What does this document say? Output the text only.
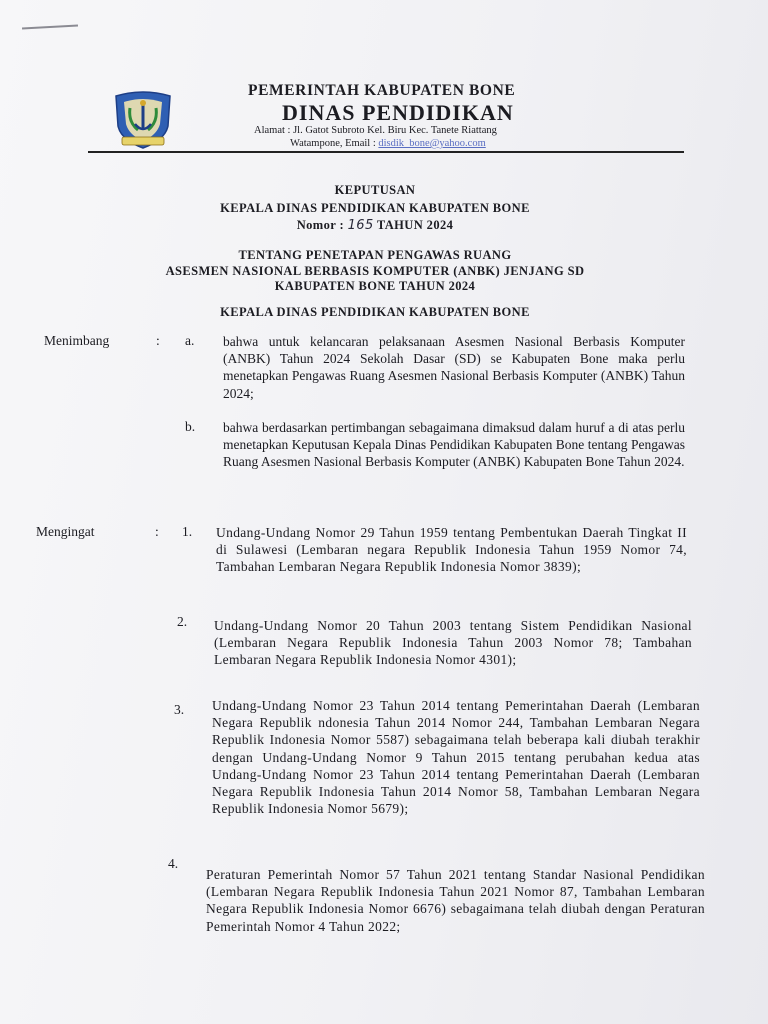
PEMERINTAH KABUPATEN BONE
DINAS PENDIDIKAN
Alamat : Jl. Gatot Subroto Kel. Biru Kec. Tanete Riattang
Watampone, Email : disdik_bone@yahoo.com
KEPUTUSAN
KEPALA DINAS PENDIDIKAN KABUPATEN BONE
Nomor : 165 TAHUN 2024
TENTANG PENETAPAN PENGAWAS RUANG
ASESMEN NASIONAL BERBASIS KOMPUTER (ANBK) JENJANG SD
KABUPATEN BONE TAHUN 2024
KEPALA DINAS PENDIDIKAN KABUPATEN BONE
Menimbang	: a. bahwa untuk kelancaran pelaksanaan Asesmen Nasional Berbasis Komputer (ANBK) Tahun 2024 Sekolah Dasar (SD) se Kabupaten Bone maka perlu menetapkan Pengawas Ruang Asesmen Nasional Berbasis Komputer (ANBK) Tahun 2024;
b. bahwa berdasarkan pertimbangan sebagaimana dimaksud dalam huruf a di atas perlu menetapkan Keputusan Kepala Dinas Pendidikan Kabupaten Bone tentang Pengawas Ruang Asesmen Nasional Berbasis Komputer (ANBK) Kabupaten Bone Tahun 2024.
Mengingat	: 1. Undang-Undang Nomor 29 Tahun 1959 tentang Pembentukan Daerah Tingkat II di Sulawesi (Lembaran negara Republik Indonesia Tahun 1959 Nomor 74, Tambahan Lembaran Negara Republik Indonesia Nomor 3839);
2. Undang-Undang Nomor 20 Tahun 2003 tentang Sistem Pendidikan Nasional (Lembaran Negara Republik Indonesia Tahun 2003 Nomor 78; Tambahan Lembaran Negara Republik Indonesia Nomor 4301);
3. Undang-Undang Nomor 23 Tahun 2014 tentang Pemerintahan Daerah (Lembaran Negara Republik ndonesia Tahun 2014 Nomor 244, Tambahan Lembaran Negara Republik Indonesia Nomor 5587) sebagaimana telah beberapa kali diubah terakhir dengan Undang-Undang Nomor 9 Tahun 2015 tentang perubahan kedua atas Undang-Undang Nomor 23 Tahun 2014 tentang Pemerintahan Daerah (Lembaran Negara Republik Indonesia Tahun 2014 Nomor 58, Tambahan Lembaran Negara Republik Indonesia Nomor 5679);
4.
Peraturan Pemerintah Nomor 57 Tahun 2021 tentang Standar Nasional Pendidikan (Lembaran Negara Republik Indonesia Tahun 2021 Nomor 87, Tambahan Lembaran Negara Republik Indonesia Nomor 6676) sebagaimana telah diubah dengan Peraturan Pemerintah Nomor 4 Tahun 2022;
